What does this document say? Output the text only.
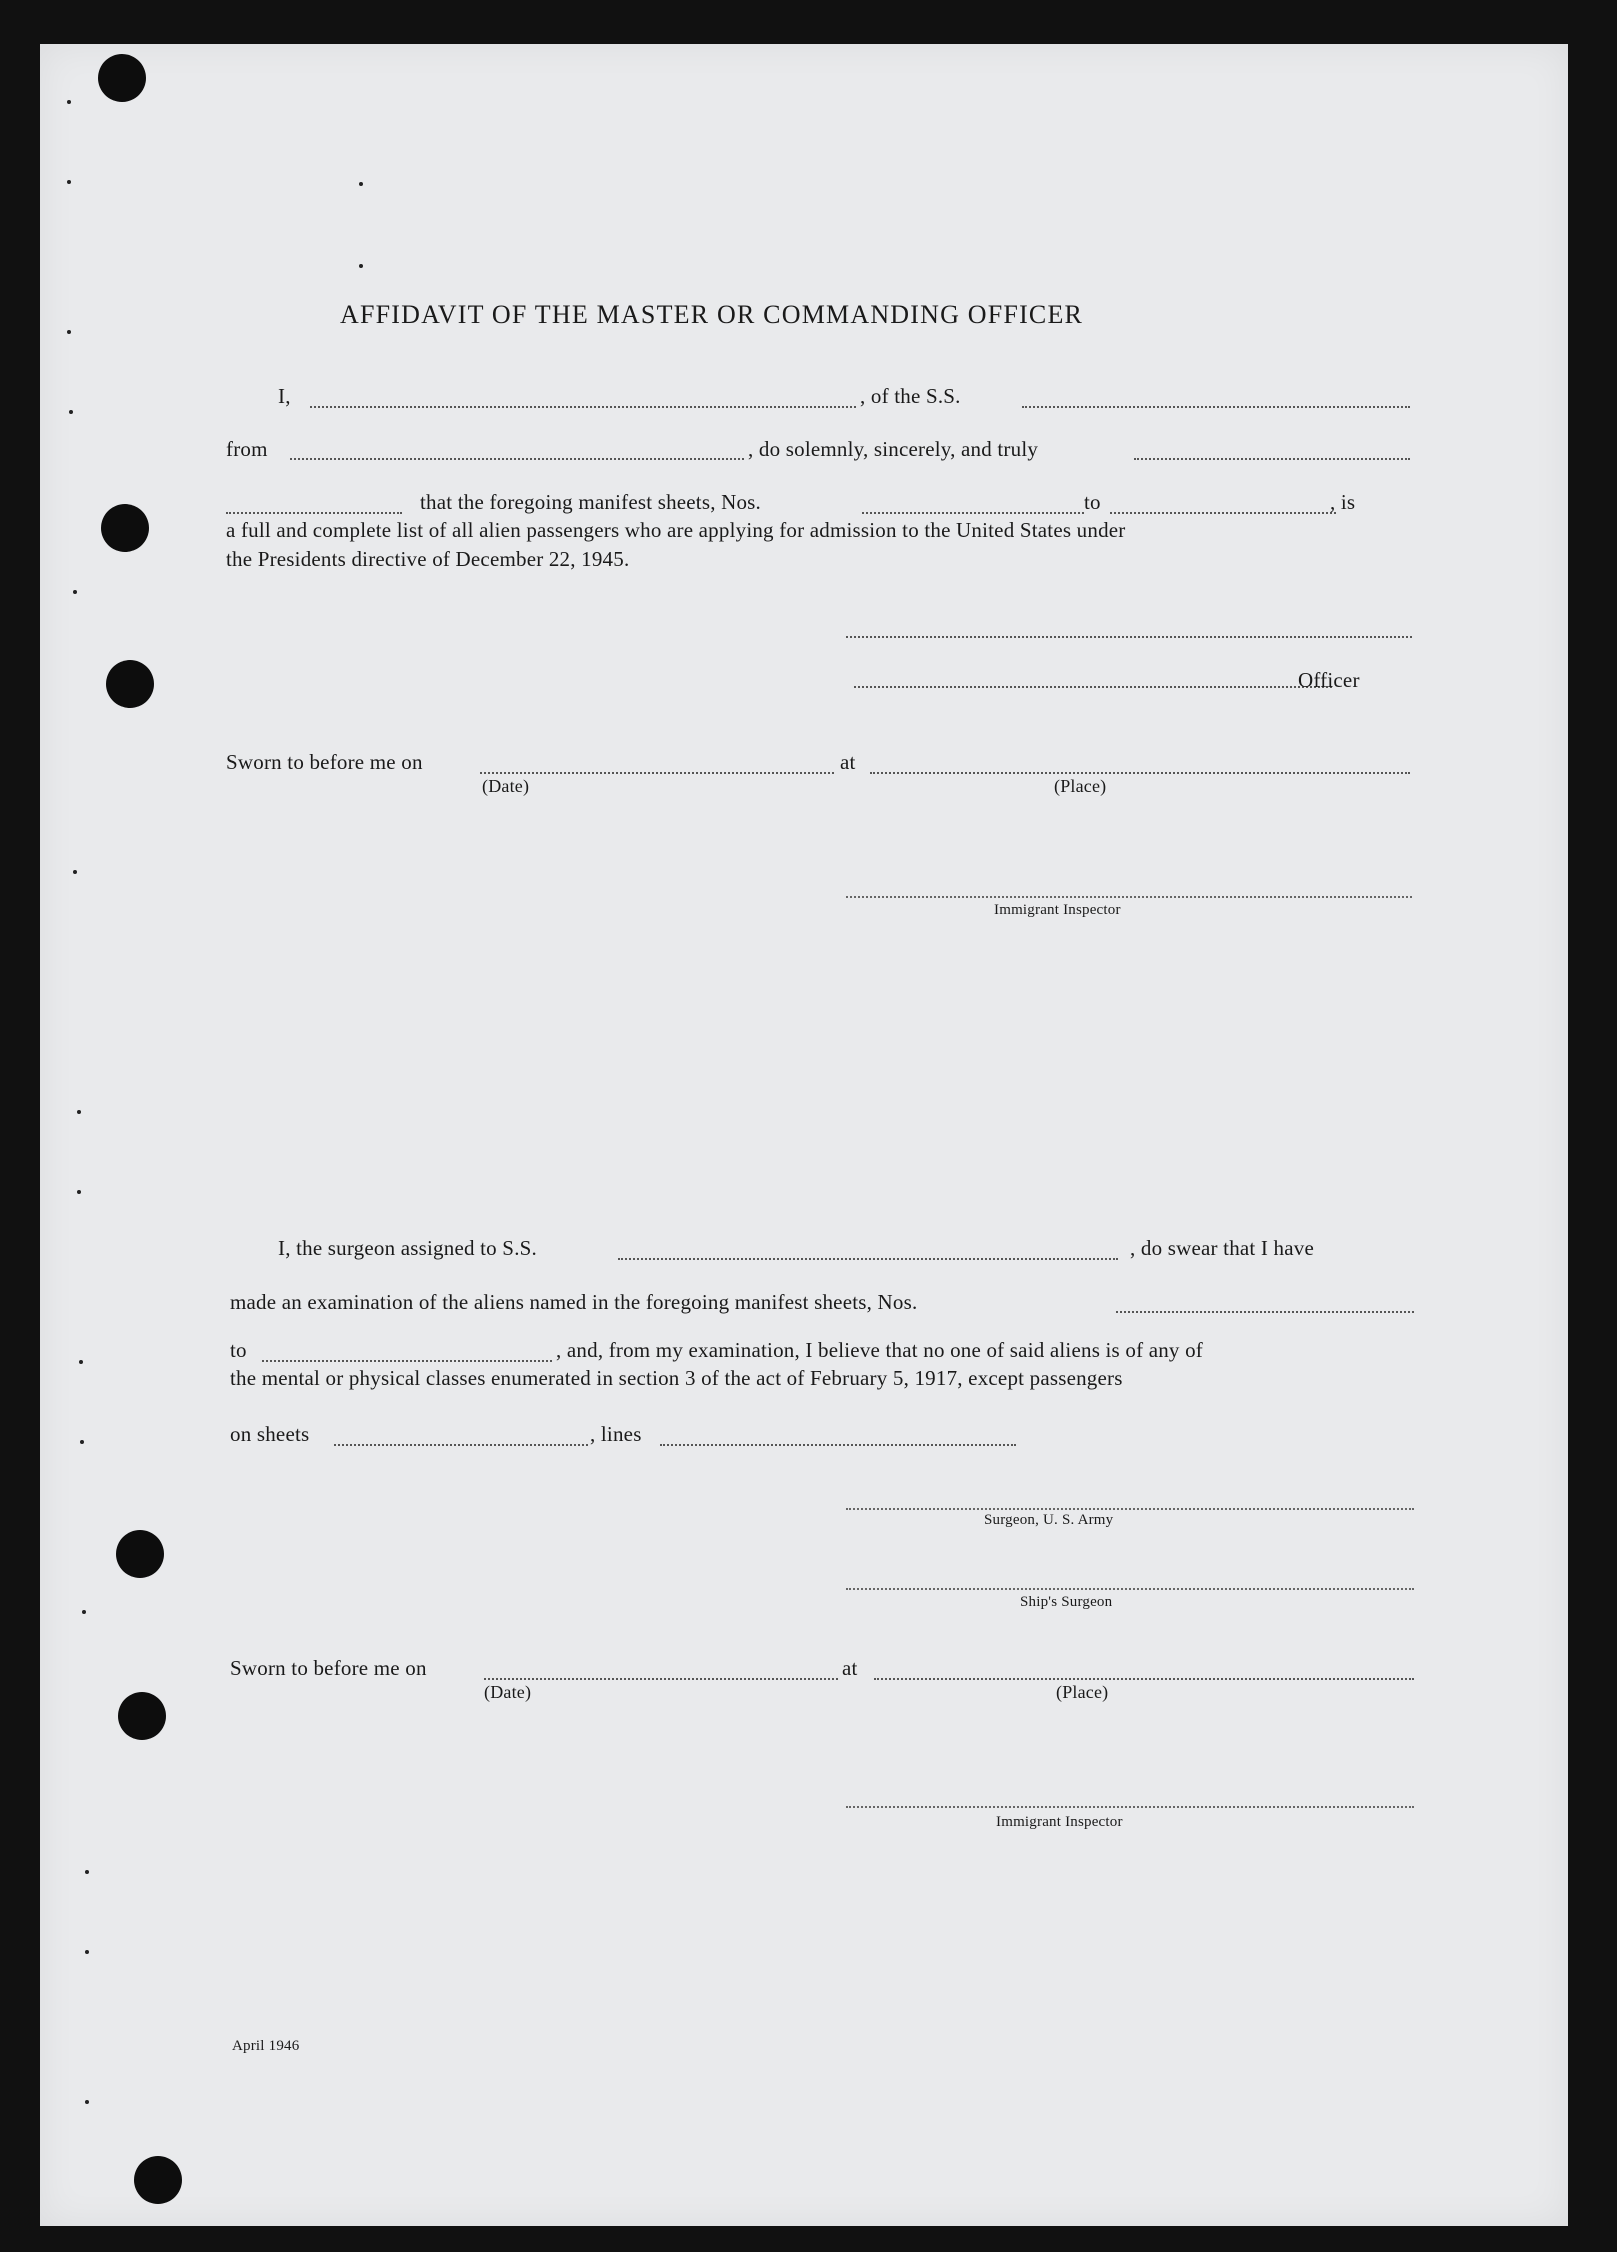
AFFIDAVIT OF THE MASTER OR COMMANDING OFFICER
I,	, of the S.S.
from	, do solemnly, sincerely, and truly
that the foregoing manifest sheets, Nos.	to	, is
a full and complete list of all alien passengers who are applying for admission to the United States under
the Presidents directive of December 22, 1945.
Officer
Sworn to before me on	at
(Date)	(Place)
Immigrant Inspector
I, the surgeon assigned to S.S.	, do swear that I have
made an examination of the aliens named in the foregoing manifest sheets, Nos.
to	, and, from my examination, I believe that no one of said aliens is of any of
the mental or physical classes enumerated in section 3 of the act of February 5, 1917, except passengers
on sheets	, lines
Surgeon, U. S. Army
Ship's Surgeon
Sworn to before me on	at
(Date)	(Place)
Immigrant Inspector
April 1946
